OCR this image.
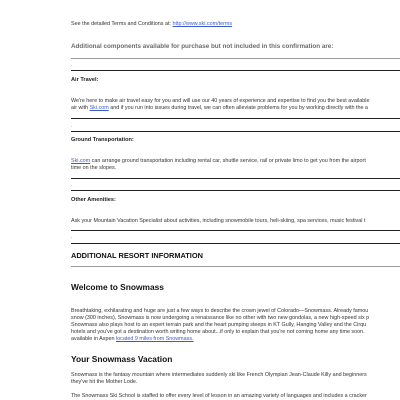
See the detailed Terms and Conditions at: http://www.ski.com/terms
Additional components available for purchase but not included in this confirmation are:
·
Air Travel:
We're here to make air travel easy for you and will use our 40 years of experience and expertise to find you the best available
air with Ski.com and if you run into issues during travel, we can often alleviate problems for you by working directly with the a
·
Ground Transportation:
Ski.com can arrange ground transportation including rental car, shuttle service, rail or private limo to get you from the airport
time on the slopes.
·
Other Amenities:
Ask your Mountain Vacation Specialist about activities, including snowmobile tours, heli-skiing, spa services, music festival t
·
ADDITIONAL RESORT INFORMATION
Welcome to Snowmass
Breathtaking, exhilarating and huge are just a few ways to describe the crown jewel of Colorado—Snowmass. Already famou
snow (300 inches), Snowmass is now undergoing a renaissance like no other with two new gondolas, a new high-speed six p
Snowmass also plays host to an expert terrain park and the heart pumping steeps in KT Gully, Hanging Valley and the Cirqu
hotels and you've got a destination worth writing home about...if only to explain that you're not coming home any time soon.
available in Aspen located 9 miles from Snowmass.
Your Snowmass Vacation
Snowmass is the fantasy mountain where intermediates suddenly ski like French Olympian Jean-Claude Killy and beginners
they've hit the Mother Lode.
The Snowmass Ski School is staffed to offer every level of lesson in an amazing variety of languages and includes a cracker
